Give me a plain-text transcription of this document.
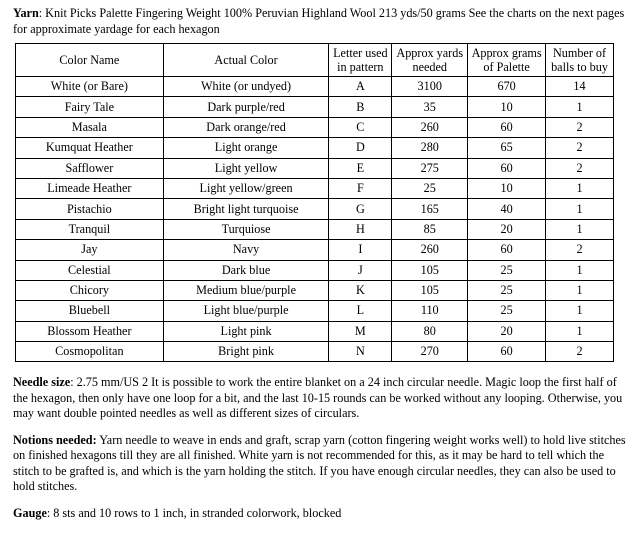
Yarn: Knit Picks Palette Fingering Weight 100% Peruvian Highland Wool 213 yds/50 grams See the charts on the next pages for approximate yardage for each hexagon

Color Name	Actual Color	Letter used in pattern	Approx yards needed	Approx grams of Palette	Number of balls to buy
White (or Bare)	White (or undyed)	A	3100	670	14
Fairy Tale	Dark purple/red	B	35	10	1
Masala	Dark orange/red	C	260	60	2
Kumquat Heather	Light orange	D	280	65	2
Safflower	Light yellow	E	275	60	2
Limeade Heather	Light yellow/green	F	25	10	1
Pistachio	Bright light turquoise	G	165	40	1
Tranquil	Turquiose	H	85	20	1
Jay	Navy	I	260	60	2
Celestial	Dark blue	J	105	25	1
Chicory	Medium blue/purple	K	105	25	1
Bluebell	Light blue/purple	L	110	25	1
Blossom Heather	Light pink	M	80	20	1
Cosmopolitan	Bright pink	N	270	60	2

Needle size: 2.75 mm/US 2 It is possible to work the entire blanket on a 24 inch circular needle. Magic loop the first half of the hexagon, then only have one loop for a bit, and the last 10-15 rounds can be worked without any looping. Otherwise, you may want double pointed needles as well as different sizes of circulars.

Notions needed: Yarn needle to weave in ends and graft, scrap yarn (cotton fingering weight works well) to hold live stitches on finished hexagons till they are all finished. White yarn is not recommended for this, as it may be hard to tell which the stitch to be grafted is, and which is the yarn holding the stitch. If you have enough circular needles, they can also be used to hold stitches.

Gauge: 8 sts and 10 rows to 1 inch, in stranded colorwork, blocked
